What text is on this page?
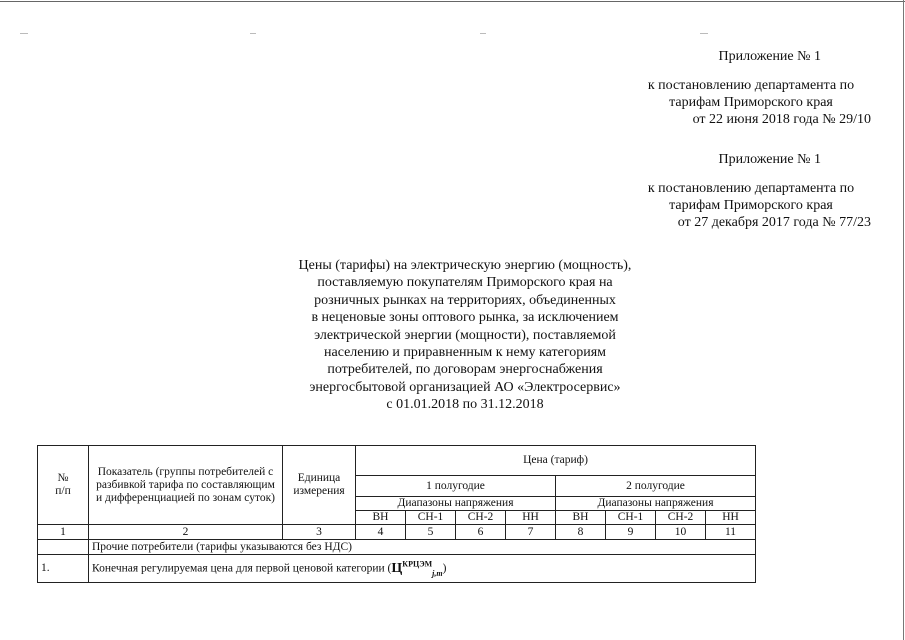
Приложение № 1
к постановлению департамента по
тарифам Приморского края
от 22 июня 2018 года № 29/10
Приложение № 1
к постановлению департамента по
тарифам Приморского края
от 27 декабря 2017 года № 77/23
Цены (тарифы) на электрическую энергию (мощность),
поставляемую покупателям Приморского края на
розничных рынках на территориях, объединенных
в неценовые зоны оптового рынка, за исключением
электрической энергии (мощности), поставляемой
населению и приравненным к нему категориям
потребителей, по договорам энергоснабжения
энергосбытовой организацией АО «Электросервис»
с 01.01.2018 по 31.12.2018
№
п/п	Показатель (группы потребителей с разбивкой тарифа по составляющим и дифференциацией по зонам суток)	Единица измерения	Цена (тариф)							
			1 полугодие				2 полугодие			
			Диапазоны напряжения				Диапазоны напряжения			
			ВН	СН-1	СН-2	НН	ВН	СН-1	СН-2	НН
1	2	3	4	5	6	7	8	9	10	11
	Прочие потребители (тарифы указываются без НДС)									
1.	Конечная регулируемая цена для первой ценовой категории $(Ц^{КРЦЭМ}_{j,m})$									
